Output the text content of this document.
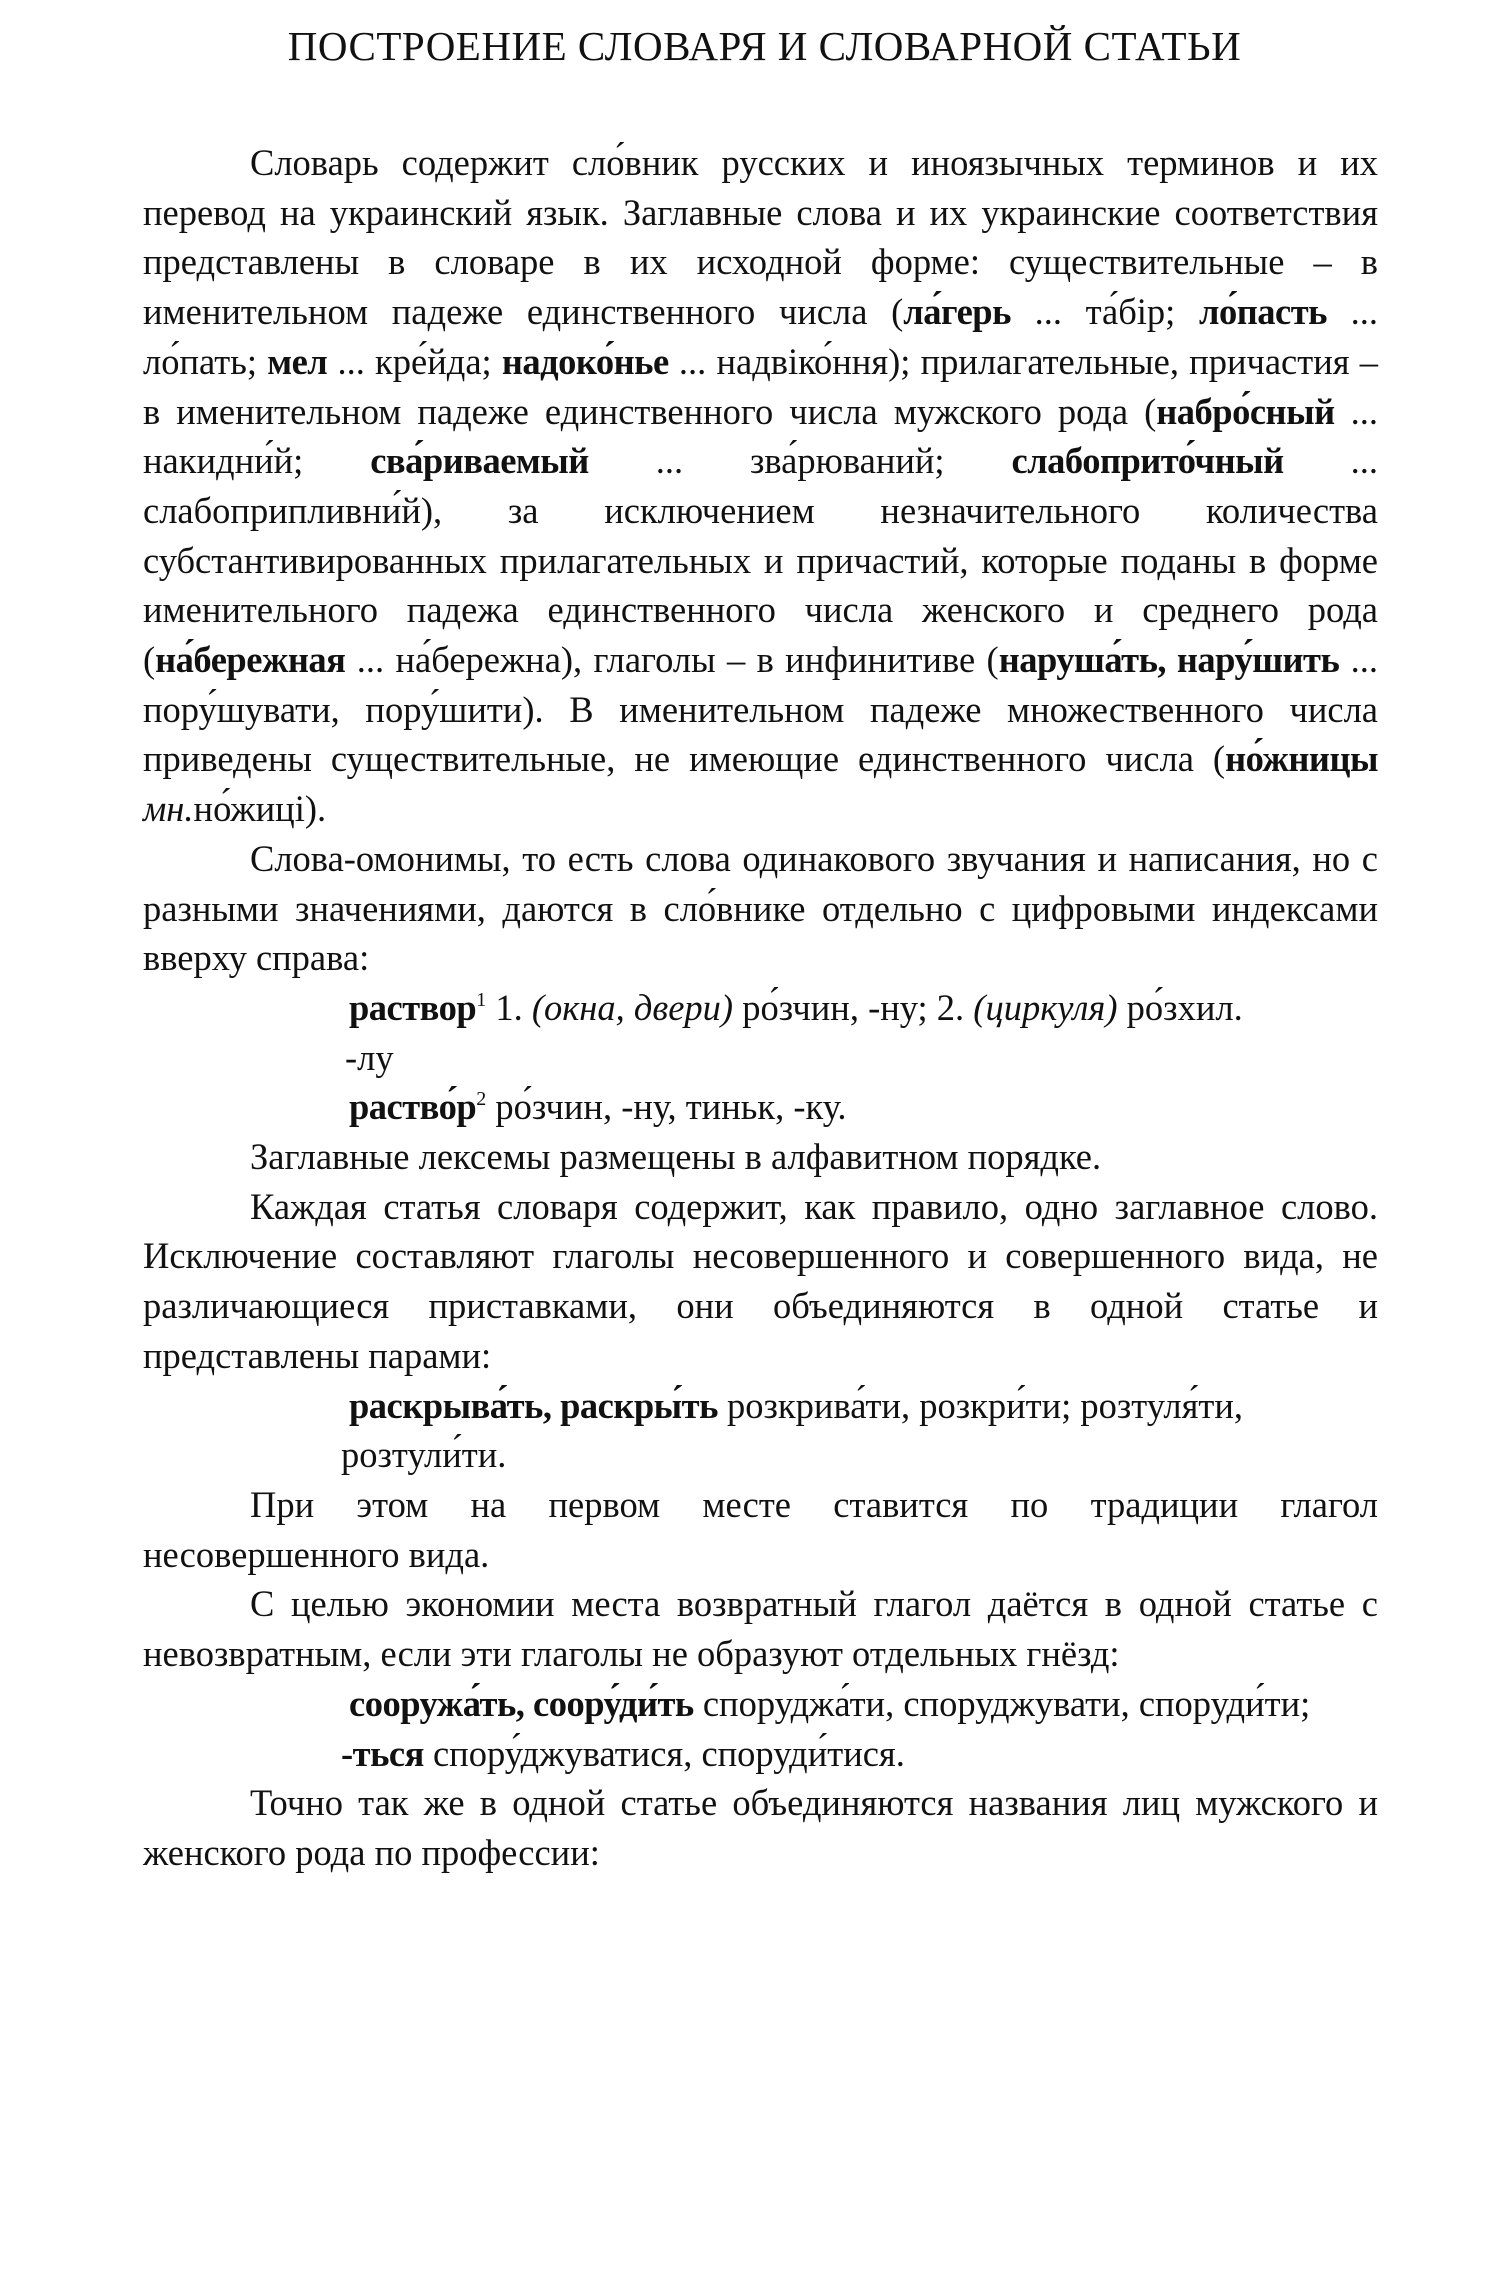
ПОСТРОЕНИЕ СЛОВАРЯ И СЛОВАРНОЙ СТАТЬИ

Словарь содержит сло́вник русских и иноязычных терминов и их перевод на украинский язык. Заглавные слова и их украинские соответствия представлены в словаре в их исходной форме: существительные – в именительном падеже единственного числа (ла́герь ... та́бір; ло́пасть ... ло́пать; мел ... кре́йда; надоко́нье ... надвіко́ння); прилагательные, причастия – в именительном падеже единственного числа мужского рода (набро́сный ... накидни́й; сва́риваемый ... зва́рюваний; слабоприто́чный ... слабоприпливни́й), за исключением незначительного количества субстантивированных прилагательных и причастий, которые поданы в форме именительного падежа единственного числа женского и среднего рода (на́бережная ... на́бережна), глаголы – в инфинитиве (наруша́ть, нару́шить ... пору́шувати, пору́шити). В именительном падеже множественного числа приведены существительные, не имеющие единственного числа (но́жницы мн.но́жиці).

Слова-омонимы, то есть слова одинакового звучания и написания, но с разными значениями, даются в сло́внике отдельно с цифровыми индексами вверху справа:

раствор$^1$ 1. (окна, двери) ро́зчин, -ну; 2. (циркуля) ро́зхил.

-лу

$раство́р^2$ ро́зчин, -ну, тиньк, -ку.

Заглавные лексемы размещены в алфавитном порядке.

Каждая статья словаря содержит, как правило, одно заглавное слово. Исключение составляют глаголы несовершенного и совершенного вида, не различающиеся приставками, они объединяются в одной статье и представлены парами:

раскрыва́ть, раскры́ть розкрива́ти, розкри́ти; розтуля́ти,

розтули́ти.

При этом на первом месте ставится по традиции глагол несовершенного вида.

С целью экономии места возвратный глагол даётся в одной статье с невозвратным, если эти глаголы не образуют отдельных гнёзд:

сооружа́ть, соору́ди́ть споруджа́ти, споруджувати, споруди́ти;

-ться спору́джуватися, споруди́тися.

Точно так же в одной статье объединяются названия лиц мужского и женского рода по профессии:
